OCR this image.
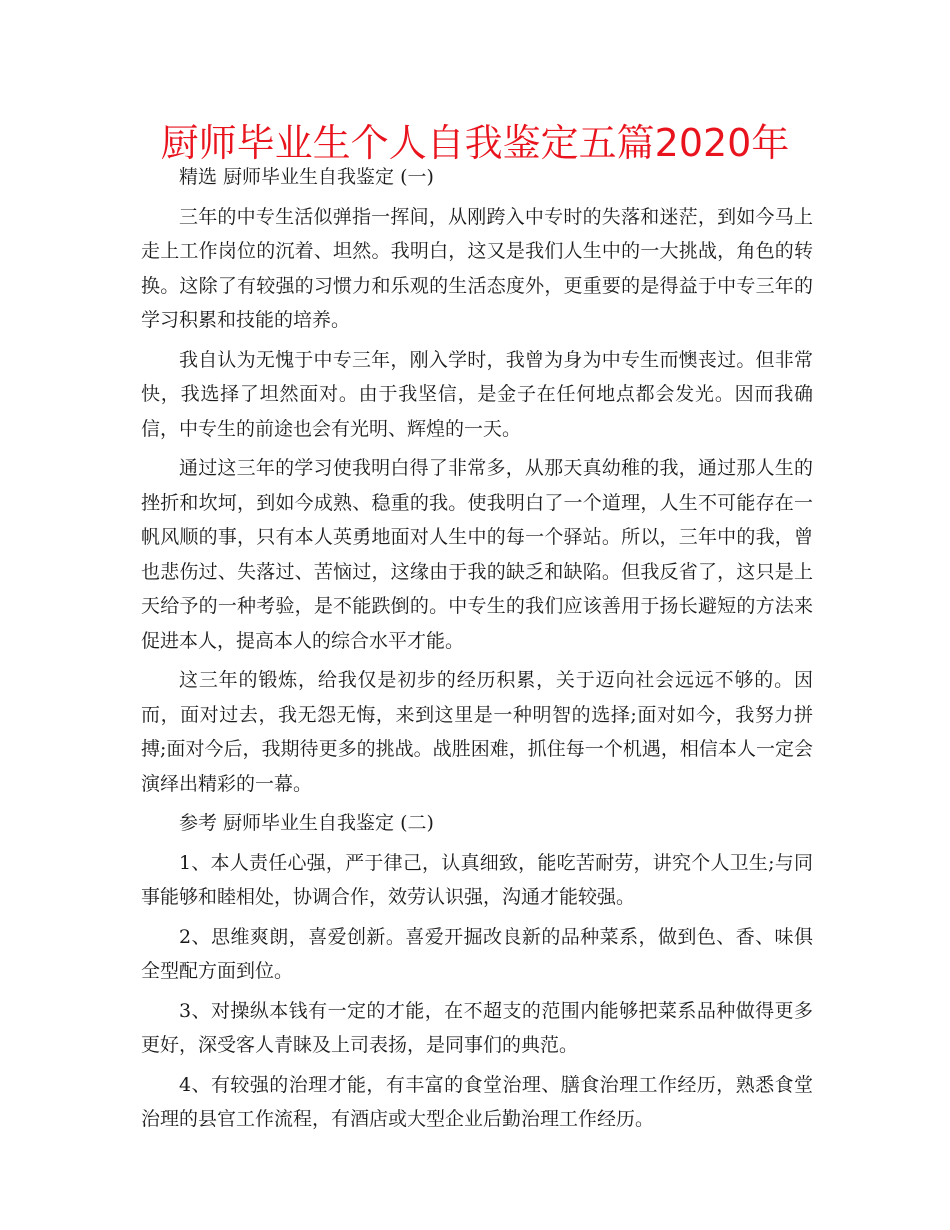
厨师毕业生个人自我鉴定五篇2020年

精选 厨师毕业生自我鉴定 (一)

三年的中专生活似弹指一挥间，从刚跨入中专时的失落和迷茫，到如今马上走上工作岗位的沉着、坦然。我明白，这又是我们人生中的一大挑战，角色的转换。这除了有较强的习惯力和乐观的生活态度外，更重要的是得益于中专三年的学习积累和技能的培养。

我自认为无愧于中专三年，刚入学时，我曾为身为中专生而懊丧过。但非常快，我选择了坦然面对。由于我坚信，是金子在任何地点都会发光。因而我确信，中专生的前途也会有光明、辉煌的一天。

通过这三年的学习使我明白得了非常多，从那天真幼稚的我，通过那人生的挫折和坎坷，到如今成熟、稳重的我。使我明白了一个道理，人生不可能存在一帆风顺的事，只有本人英勇地面对人生中的每一个驿站。所以，三年中的我，曾也悲伤过、失落过、苦恼过，这缘由于我的缺乏和缺陷。但我反省了，这只是上天给予的一种考验，是不能跌倒的。中专生的我们应该善用于扬长避短的方法来促进本人，提高本人的综合水平才能。

这三年的锻炼，给我仅是初步的经历积累，关于迈向社会远远不够的。因而，面对过去，我无怨无悔，来到这里是一种明智的选择;面对如今，我努力拼搏;面对今后，我期待更多的挑战。战胜困难，抓住每一个机遇，相信本人一定会演绎出精彩的一幕。

参考 厨师毕业生自我鉴定 (二)

1、本人责任心强，严于律己，认真细致，能吃苦耐劳，讲究个人卫生;与同事能够和睦相处，协调合作，效劳认识强，沟通才能较强。

2、思维爽朗，喜爱创新。喜爱开掘改良新的品种菜系，做到色、香、味俱全型配方面到位。

3、对操纵本钱有一定的才能，在不超支的范围内能够把菜系品种做得更多更好，深受客人青睐及上司表扬，是同事们的典范。

4、有较强的治理才能，有丰富的食堂治理、膳食治理工作经历，熟悉食堂治理的县官工作流程，有酒店或大型企业后勤治理工作经历。
